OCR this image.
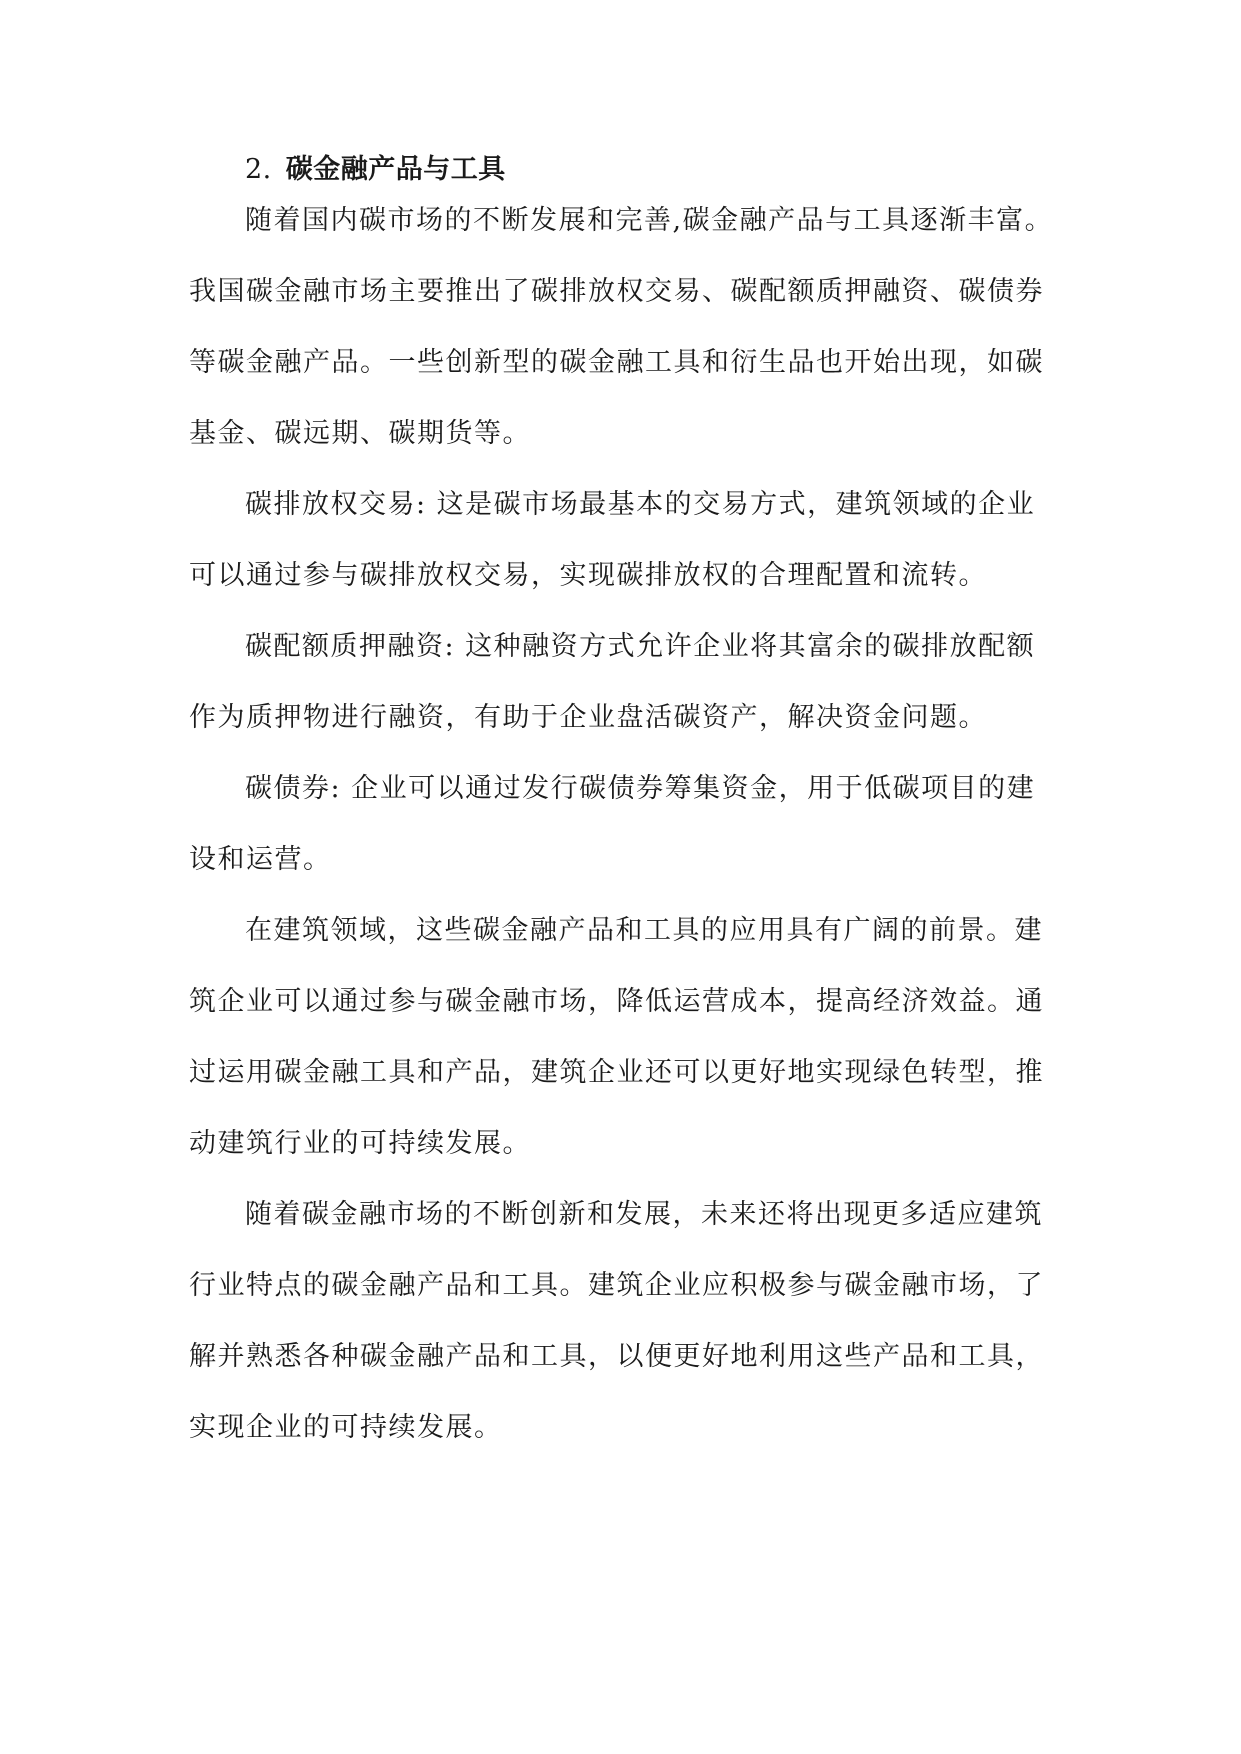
2. 碳金融产品与工具
随着国内碳市场的不断发展和完善,碳金融产品与工具逐渐丰富。
我国碳金融市场主要推出了碳排放权交易、碳配额质押融资、碳债券
等碳金融产品。一些创新型的碳金融工具和衍生品也开始出现，如碳
基金、碳远期、碳期货等。
碳排放权交易: 这是碳市场最基本的交易方式，建筑领域的企业
可以通过参与碳排放权交易，实现碳排放权的合理配置和流转。
碳配额质押融资: 这种融资方式允许企业将其富余的碳排放配额
作为质押物进行融资，有助于企业盘活碳资产，解决资金问题。
碳债券: 企业可以通过发行碳债券筹集资金，用于低碳项目的建
设和运营。
在建筑领域，这些碳金融产品和工具的应用具有广阔的前景。建
筑企业可以通过参与碳金融市场，降低运营成本，提高经济效益。通
过运用碳金融工具和产品，建筑企业还可以更好地实现绿色转型，推
动建筑行业的可持续发展。
随着碳金融市场的不断创新和发展，未来还将出现更多适应建筑
行业特点的碳金融产品和工具。建筑企业应积极参与碳金融市场，了
解并熟悉各种碳金融产品和工具，以便更好地利用这些产品和工具，
实现企业的可持续发展。
